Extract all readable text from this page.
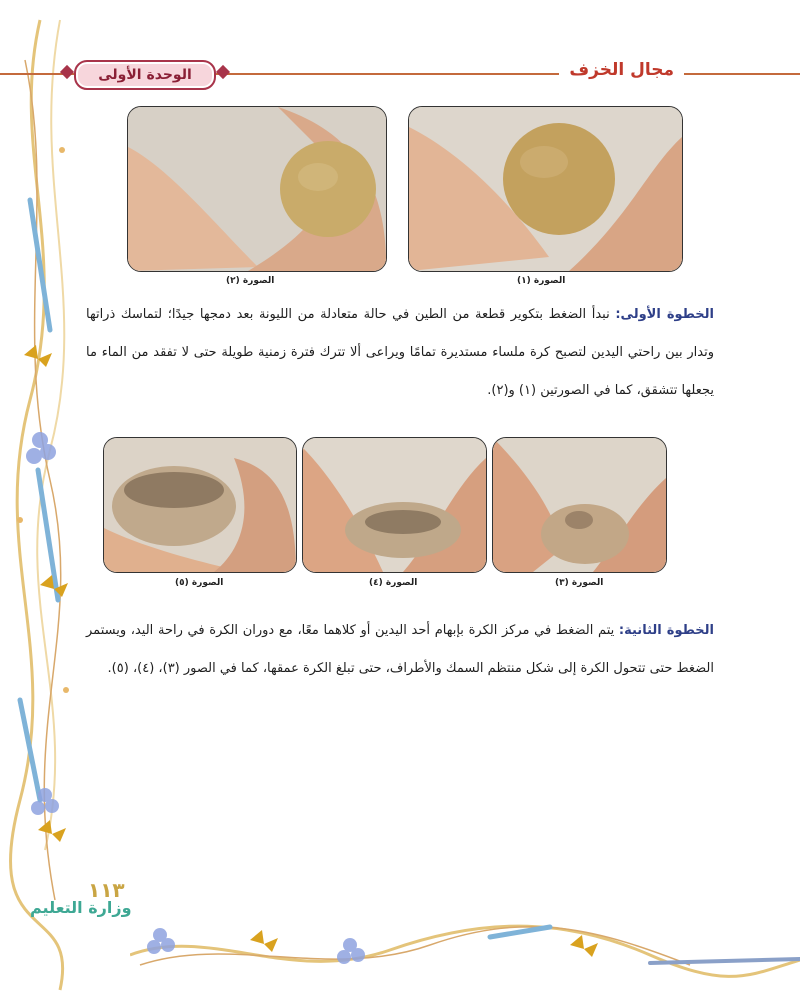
الوحدة الأولى	مجال الخزف
الصورة (٢)	الصورة (١)
الخطوة الأولى: نبدأ الضغط بتكوير قطعة من الطين في حالة متعادلة من الليونة بعد دمجها جيدًا؛ لتماسك ذراتها وتدار بين راحتي اليدين لتصبح كرة ملساء مستديرة تمامًا ويراعى ألا تترك فترة زمنية طويلة حتى لا تفقد من الماء ما يجعلها تتشقق، كما في الصورتين (١) و(٢).
الصورة (٥)	الصورة (٤)	الصورة (٣)
الخطوة الثانية: يتم الضغط في مركز الكرة بإبهام أحد اليدين أو كلاهما معًا، مع دوران الكرة في راحة اليد، ويستمر الضغط حتى تتحول الكرة إلى شكل منتظم السمك والأطراف، حتى تبلغ الكرة عمقها، كما في الصور (٣)، (٤)، (٥).
١١٣
وزارة التعليم
